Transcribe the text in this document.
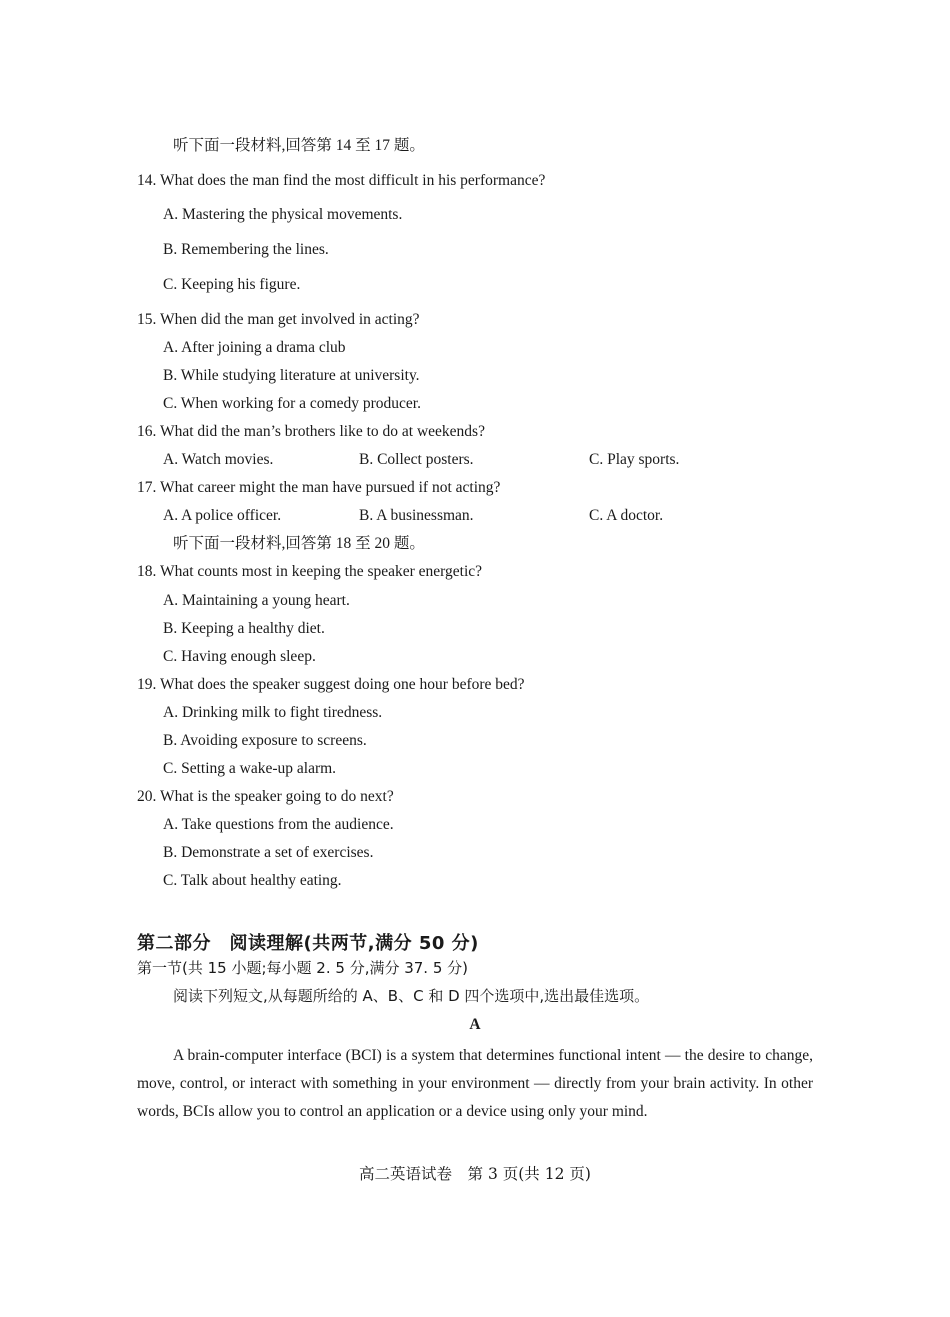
听下面一段材料,回答第 14 至 17 题。
14. What does the man find the most difficult in his performance?
A. Mastering the physical movements.
B. Remembering the lines.
C. Keeping his figure.
15. When did the man get involved in acting?
A. After joining a drama club
B. While studying literature at university.
C. When working for a comedy producer.
16. What did the man’s brothers like to do at weekends?
A. Watch movies.	B. Collect posters.	C. Play sports.
17. What career might the man have pursued if not acting?
A. A police officer.	B. A businessman.	C. A doctor.
听下面一段材料,回答第 18 至 20 题。
18. What counts most in keeping the speaker energetic?
A. Maintaining a young heart.
B. Keeping a healthy diet.
C. Having enough sleep.
19. What does the speaker suggest doing one hour before bed?
A. Drinking milk to fight tiredness.
B. Avoiding exposure to screens.
C. Setting a wake-up alarm.
20. What is the speaker going to do next?
A. Take questions from the audience.
B. Demonstrate a set of exercises.
C. Talk about healthy eating.
第二部分　阅读理解(共两节,满分 50 分)
第一节(共 15 小题;每小题 2. 5 分,满分 37. 5 分)
阅读下列短文,从每题所给的 A、B、C 和 D 四个选项中,选出最佳选项。
A

A brain-computer interface (BCI) is a system that determines functional intent — the desire to change, move, control, or interact with something in your environment — directly from your brain activity. In other words, BCIs allow you to control an application or a device using only your mind.

高二英语试卷　第 3 页(共 12 页)
